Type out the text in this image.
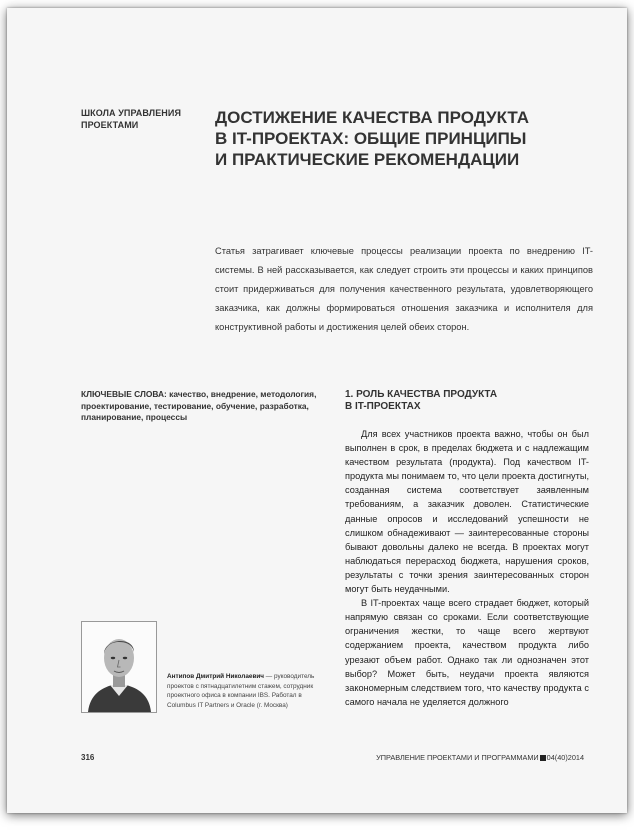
ШКОЛА УПРАВЛЕНИЯ ПРОЕКТАМИ	ДОСТИЖЕНИЕ КАЧЕСТВА ПРОДУКТА
В IT-ПРОЕКТАХ: ОБЩИЕ ПРИНЦИПЫ
И ПРАКТИЧЕСКИЕ РЕКОМЕНДАЦИИ
Статья затрагивает ключевые процессы реализации проекта по внедрению IT-системы. В ней рассказывается, как следует строить эти процессы и каких принципов стоит придерживаться для получения качественного результата, удовлетворяющего заказчика, как должны формироваться отношения заказчика и исполнителя для конструктивной работы и достижения целей обеих сторон.
КЛЮЧЕВЫЕ СЛОВА: качество, внедрение, методология, проектирование, тестирование, обучение, разработка, планирование, процессы
Антипов Дмитрий Николаевич — руководитель проектов с пятнадцатилетним стажем, сотрудник проектного офиса в компании IBS. Работал в Columbus IT Partners и Oracle (г. Москва)
1. РОЛЬ КАЧЕСТВА ПРОДУКТА
В IT-ПРОЕКТАХ

Для всех участников проекта важно, чтобы он был выполнен в срок, в пределах бюджета и с надлежащим качеством результата (продукта). Под качеством IT-продукта мы понимаем то, что цели проекта достигнуты, созданная система соответствует заявленным требованиям, а заказчик доволен. Статистические данные опросов и исследований успешности не слишком обнадеживают — заинтересованные стороны бывают довольны далеко не всегда. В проектах могут наблюдаться перерасход бюджета, нарушения сроков, результаты с точки зрения заинтересованных сторон могут быть неудачными.

В IT-проектах чаще всего страдает бюджет, который напрямую связан со сроками. Если соответствующие ограничения жестки, то чаще всего жертвуют содержанием проекта, качеством продукта либо урезают объем работ. Однако так ли однозначен этот выбор? Может быть, неудачи проекта являются закономерным следствием того, что качеству продукта с самого начала не уделяется должного

316	УПРАВЛЕНИЕ ПРОЕКТАМИ И ПРОГРАММАМИ 04(40)2014
